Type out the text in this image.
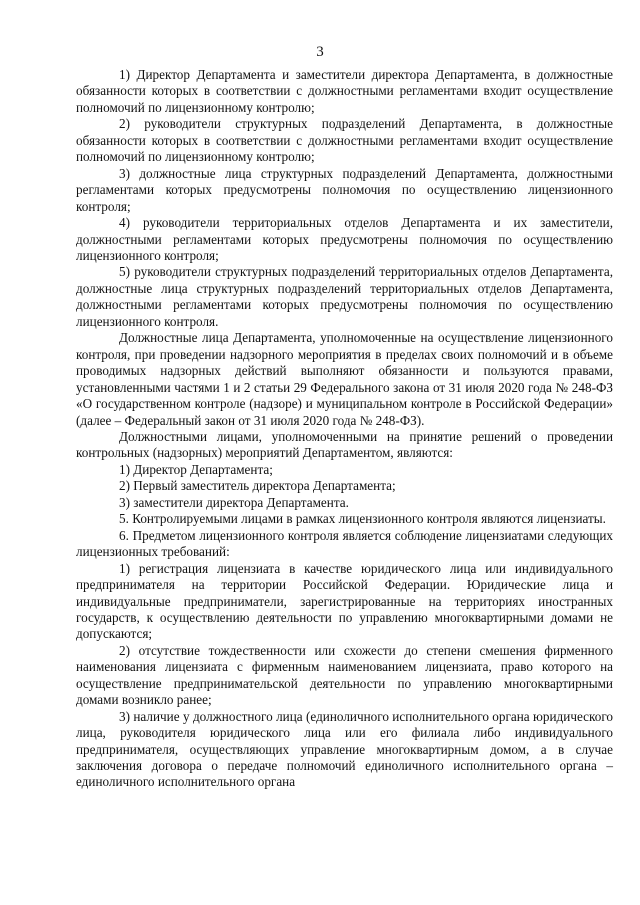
3

1) Директор Департамента и заместители директора Департамента, в должностные обязанности которых в соответствии с должностными регламентами входит осуществление полномочий по лицензионному контролю;

2) руководители структурных подразделений Департамента, в должностные обязанности которых в соответствии с должностными регламентами входит осуществление полномочий по лицензионному контролю;

3) должностные лица структурных подразделений Департамента, должностными регламентами которых предусмотрены полномочия по осуществлению лицензионного контроля;

4) руководители территориальных отделов Департамента и их заместители, должностными регламентами которых предусмотрены полномочия по осуществлению лицензионного контроля;

5) руководители структурных подразделений территориальных отделов Департамента, должностные лица структурных подразделений территориальных отделов Департамента, должностными регламентами которых предусмотрены полномочия по осуществлению лицензионного контроля.

Должностные лица Департамента, уполномоченные на осуществление лицензионного контроля, при проведении надзорного мероприятия в пределах своих полномочий и в объеме проводимых надзорных действий выполняют обязанности и пользуются правами, установленными частями 1 и 2 статьи 29 Федерального закона от 31 июля 2020 года № 248-ФЗ «О государственном контроле (надзоре) и муниципальном контроле в Российской Федерации» (далее – Федеральный закон от 31 июля 2020 года № 248-ФЗ).

Должностными лицами, уполномоченными на принятие решений о проведении контрольных (надзорных) мероприятий Департаментом, являются:

1) Директор Департамента;

2) Первый заместитель директора Департамента;

3) заместители директора Департамента.

5. Контролируемыми лицами в рамках лицензионного контроля являются лицензиаты.

6. Предметом лицензионного контроля является соблюдение лицензиатами следующих лицензионных требований:

1) регистрация лицензиата в качестве юридического лица или индивидуального предпринимателя на территории Российской Федерации. Юридические лица и индивидуальные предприниматели, зарегистрированные на территориях иностранных государств, к осуществлению деятельности по управлению многоквартирными домами не допускаются;

2) отсутствие тождественности или схожести до степени смешения фирменного наименования лицензиата с фирменным наименованием лицензиата, право которого на осуществление предпринимательской деятельности по управлению многоквартирными домами возникло ранее;

3) наличие у должностного лица (единоличного исполнительного органа юридического лица, руководителя юридического лица или его филиала либо индивидуального предпринимателя, осуществляющих управление многоквартирным домом, а в случае заключения договора о передаче полномочий единоличного исполнительного органа – единоличного исполнительного органа
